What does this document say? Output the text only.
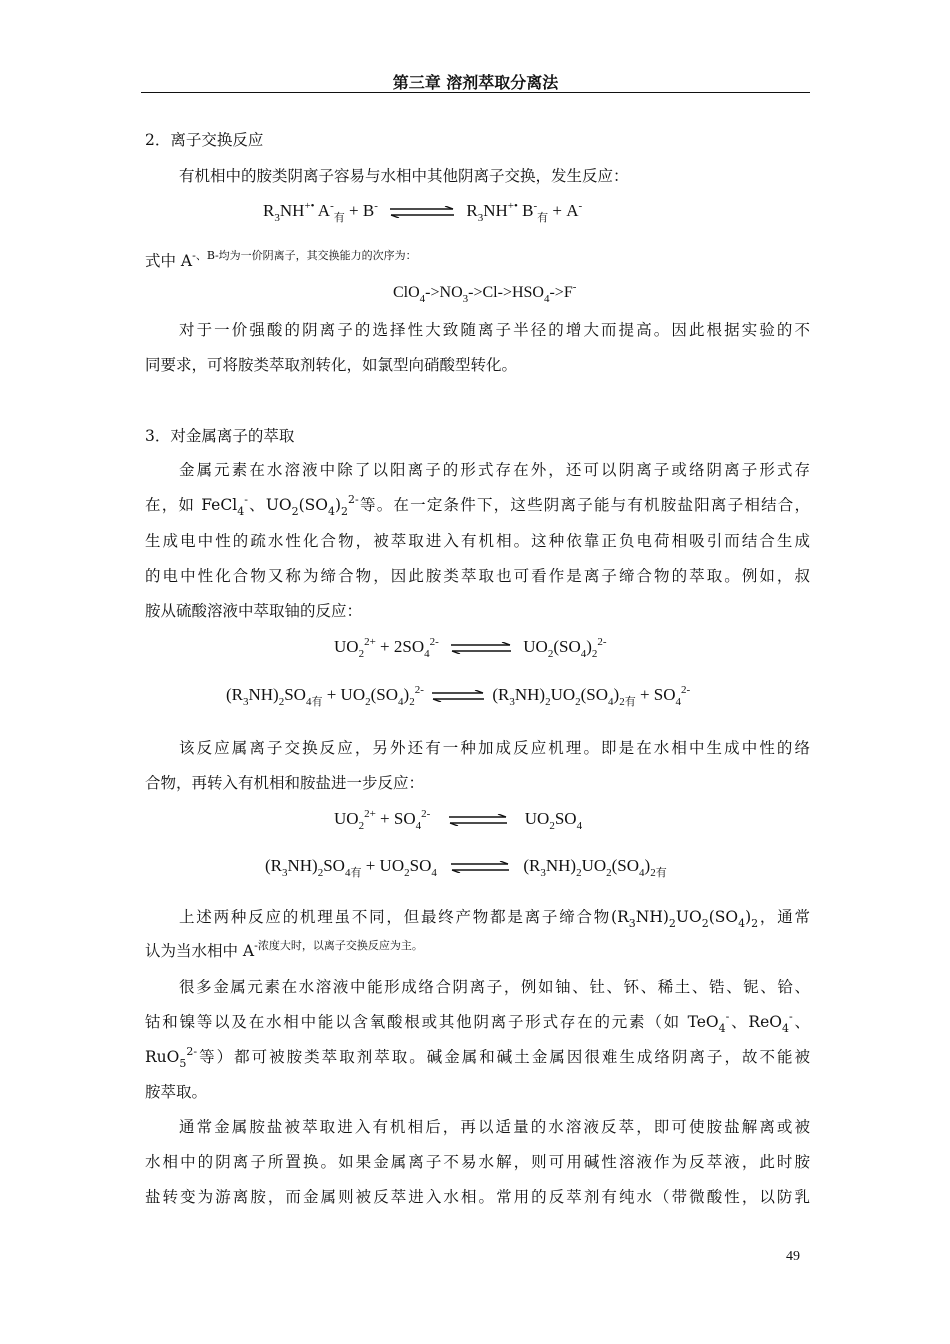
第三章 溶剂萃取分离法
2．离子交换反应
有机相中的胺类阴离子容易与水相中其他阴离子交换，发生反应：
$R_3NH^{+•}$ $A^-_有 + B^-$ ⇌ $R_3NH^{+•}$ $B^-_有 + A^-$
式中 $A^{-、B-均为一价阴离子,其交换能力的次序为:}$
$ClO_4->NO_3->Cl->HSO_4->F^-$
对于一价强酸的阴离子的选择性大致随离子半径的增大而提高。因此根据实验的不
同要求，可将胺类萃取剂转化，如氯型向硝酸型转化。
3．对金属离子的萃取
金属元素在水溶液中除了以阳离子的形式存在外，还可以阴离子或络阴离子形式存
在，如 FeCl$_4$-、$UO_2(SO_4)_2^{2-}$等。在一定条件下，这些阴离子能与有机胺盐阳离子相结合，
生成电中性的疏水性化合物，被萃取进入有机相。这种依靠正负电荷相吸引而结合生成
的电中性化合物又称为缔合物，因此胺类萃取也可看作是离子缔合物的萃取。例如，叔
胺从硫酸溶液中萃取铀的反应：
$UO_2^{2+} + 2SO_4^{2-}$ ⇌ $UO_2(SO_4)_2^{2-}$
$(R_3NH)_2SO_{4有} + UO_2(SO_4)_2^{2-}$ ⇌ $(R_3NH)_2UO_2(SO_4)_{2有} + SO_4^{2-}$
该反应属离子交换反应，另外还有一种加成反应机理。即是在水相中生成中性的络
合物，再转入有机相和胺盐进一步反应：
$UO_2^{2+} + SO_4^{2-}$ ⇌ $UO_2SO_4$
$(R_3NH)_2SO_{4有} + UO_2SO_4$ ⇌ $(R_3NH)_2UO_2(SO_4)_{2有}$
上述两种反应的机理虽不同，但最终产物都是离子缔合物$(R_3NH)_2UO_2(SO_4)_2$，通常
认为当水相中 $A^{-浓度大时,以离子交换反应为主。}$
很多金属元素在水溶液中能形成络合阴离子，例如铀、钍、钚、稀土、锆、铌、铪、
钴和镍等以及在水相中能以含氧酸根或其他阴离子形式存在的元素（如 TeO$_4$-、ReO$_4$-、
RuO$_5^{2-}$等）都可被胺类萃取剂萃取。碱金属和碱土金属因很难生成络阴离子，故不能被
胺萃取。
通常金属胺盐被萃取进入有机相后，再以适量的水溶液反萃，即可使胺盐解离或被
水相中的阴离子所置换。如果金属离子不易水解，则可用碱性溶液作为反萃液，此时胺
盐转变为游离胺，而金属则被反萃进入水相。常用的反萃剂有纯水（带微酸性，以防乳
49
